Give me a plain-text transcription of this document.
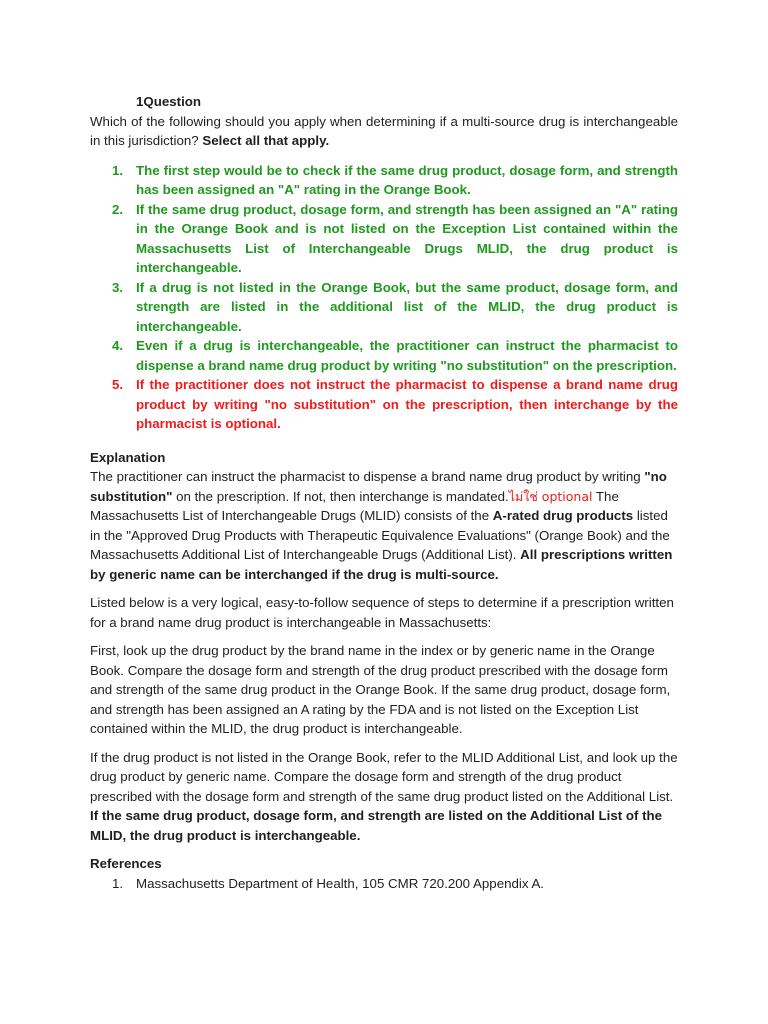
1Question
Which of the following should you apply when determining if a multi-source drug is interchangeable in this jurisdiction? Select all that apply.
1. The first step would be to check if the same drug product, dosage form, and strength has been assigned an "A" rating in the Orange Book.
2. If the same drug product, dosage form, and strength has been assigned an "A" rating in the Orange Book and is not listed on the Exception List contained within the Massachusetts List of Interchangeable Drugs MLID, the drug product is interchangeable.
3. If a drug is not listed in the Orange Book, but the same product, dosage form, and strength are listed in the additional list of the MLID, the drug product is interchangeable.
4. Even if a drug is interchangeable, the practitioner can instruct the pharmacist to dispense a brand name drug product by writing "no substitution" on the prescription.
5. If the practitioner does not instruct the pharmacist to dispense a brand name drug product by writing "no substitution" on the prescription, then interchange by the pharmacist is optional.
Explanation

The practitioner can instruct the pharmacist to dispense a brand name drug product by writing "no substitution" on the prescription. If not, then interchange is mandated.ไม่ใช่ optional The Massachusetts List of Interchangeable Drugs (MLID) consists of the A-rated drug products listed in the "Approved Drug Products with Therapeutic Equivalence Evaluations" (Orange Book) and the Massachusetts Additional List of Interchangeable Drugs (Additional List). All prescriptions written by generic name can be interchanged if the drug is multi-source.

Listed below is a very logical, easy-to-follow sequence of steps to determine if a prescription written for a brand name drug product is interchangeable in Massachusetts:

First, look up the drug product by the brand name in the index or by generic name in the Orange Book. Compare the dosage form and strength of the drug product prescribed with the dosage form and strength of the same drug product in the Orange Book. If the same drug product, dosage form, and strength has been assigned an A rating by the FDA and is not listed on the Exception List contained within the MLID, the drug product is interchangeable.

If the drug product is not listed in the Orange Book, refer to the MLID Additional List, and look up the drug product by generic name. Compare the dosage form and strength of the drug product prescribed with the dosage form and strength of the same drug product listed on the Additional List. If the same drug product, dosage form, and strength are listed on the Additional List of the MLID, the drug product is interchangeable.

References
1. Massachusetts Department of Health, 105 CMR 720.200 Appendix A.
